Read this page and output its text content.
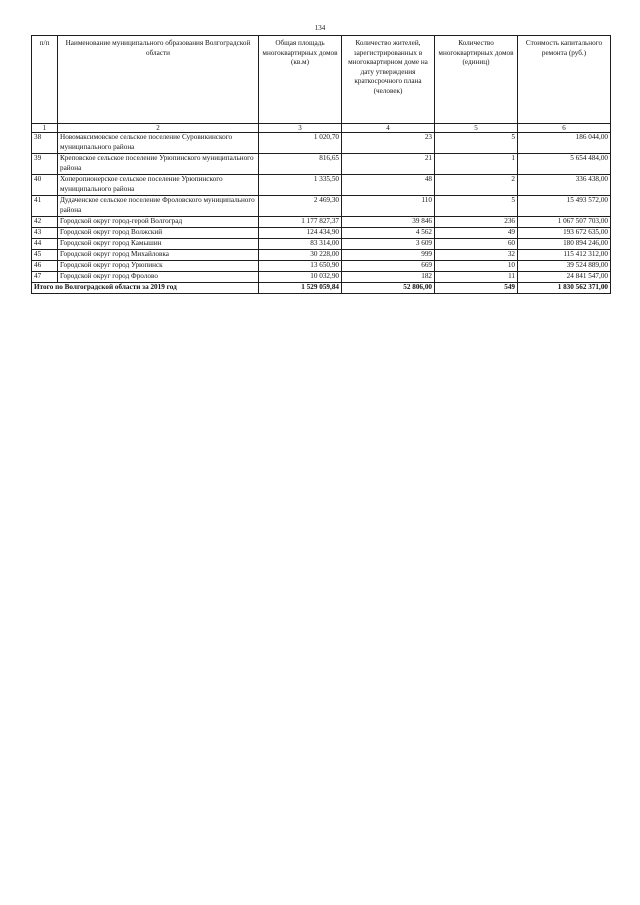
134
п/п	Наименование муниципального образования Волгоградской области	Общая площадь многоквартирных домов (кв.м)	Количество жителей, зарегистрированных в многоквартирном доме на дату утверждения краткосрочного плана (человек)	Количество многоквартирных домов (единиц)	Стоимость капитального ремонта (руб.)
1	2	3	4	5	6
38	Новомаксимовское сельское поселение Суровикинского муниципального района	1 020,70	23	5	186 044,00
39	Креповское сельское поселение Урюпинского муниципального района	816,65	21	1	5 654 484,00
40	Хоперопионерское сельское поселение Урюпинского муниципального района	1 335,50	48	2	336 438,00
41	Дудаченское сельское поселение Фроловского муниципального района	2 469,30	110	5	15 493 572,00
42	Городской округ город-герой Волгоград	1 177 827,37	39 846	236	1 067 507 703,00
43	Городской округ город Волжский	124 434,90	4 562	49	193 672 635,00
44	Городской округ город Камышин	83 314,00	3 609	60	180 894 246,00
45	Городской округ город Михайловка	30 228,00	999	32	115 412 312,00
46	Городской округ город Урюпинск	13 650,90	669	10	39 524 889,00
47	Городской округ город Фролово	10 032,90	182	11	24 841 547,00
Итого по Волгоградской области за 2019 год		1 529 059,84	52 806,00	549	1 830 562 371,00
